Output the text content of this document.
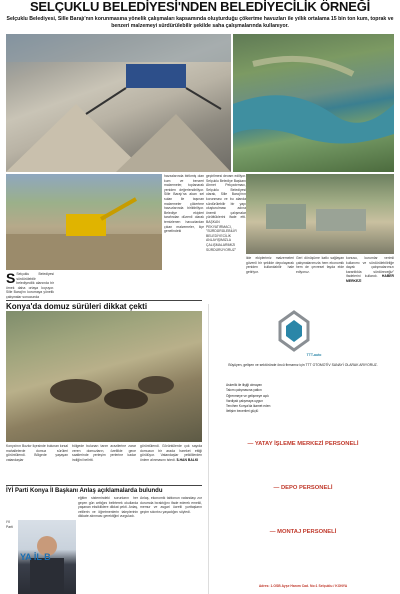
SELÇUKLU BELEDİYESİ'NDEN BELEDİYECİLİK ÖRNEĞİ
Selçuklu Belediyesi, Sille Barajı'nın korunmasına yönelik çalışmaları kapsamında oluşturduğu çökertme havuzları ile yıllık ortalama 15 bin ton kum, toprak ve benzeri malzemeyi sürdürülebilir şekilde saha çalışmalarında kullanıyor.
S Selçuklu Belediyesi sürdürülebilir belediyecilik alanında bir örnek daha ortaya koyuyor. Sille Barajı'nı korumaya yönelik çalışmalar sonucunda
havzalarında birikmiş olan kum ve benzeri malzemeler, toplanarak yeniden değerlendiriliyor. Sille Barajı'na akan sel suları ile taşınan malzemeler çökertme havuzlarında biriktiriliyor. Belediye ekipleri tarafından düzenli olarak temizlenen havuzlardan çıkan malzemeler, ilçe genelindeki
geçirilmesi devam ediliyor. Selçuklu Belediye Başkanı Ahmet Pekyatırmacı, Selçuklu Belediyesi olarak, Sille Barajı'nın korunması ve bu alanda sürdürülebilir bir yapı oluşturulması adına önemli çalışmalar yürüttüklerini ifade etti. BAŞKAN PEKYATIRMACI, "SÜRDÜRÜLEBİLİR BELEDİYECİLİK ANLAYIŞIMIZLA ÇALIŞMALARIMIZI SÜRDÜRÜYORUZ"
ilde ekiplerimiz malzemeleri güvenli bir şekilde depolayarak yeniden kullanılabilir hale getiriyor.
Geri dönüşüme katkı sağlayan çalışmalarımızla hem ekonomik hem de çevresel fayda elde ediyoruz.
konusu, kurumlar verimli kullanımı ve sürdürülebilirliğe dayalı çalışmalarımızı kararlılıkla sürdüreceğiz" ifadelerini kullandı. HABER MERKEZİ
Konya'da domuz sürüleri dikkat çekti
Konya'nın Bozkır ilçesinde bulunan kırsal mahallelerde domuz sürüleri görüntülendi. Bölgede yaşayan vatandaşlar
bölgede bulunan tarım arazilerine zarar veren domuzların, özellikle gece saatlerinde yerleşim yerlerine kadar indiğini belirtti.
görüntülendi. Görüntülerde çok sayıda domuzun bir arada hareket ettiği görülüyor. Vatandaşlar yetkililerden önlem alınmasını istedi. İLHAN BALKI
İYİ Parti Konya İl Başkanı Anlaş açıklamalarda bulundu
YA İL B
İYİ Parti
eğitim sistemindeki sorunların her geçen gün arttığını belirterek okullarda yaşanan eksikliklere dikkat çekti. Anlaş, velilerin ve öğretmenlerin taleplerinin dikkate alınması gerektiğini vurguladı.
Anlaş, ekonomik tablonun vatandaşı zor durumda bıraktığını ifade ederek emekli, memur ve asgari ücretli yurttaşların geçim sıkıntısı yaşadığını söyledi.
TTT-auto
Büyüyen, gelişen ve sektöründe öncü firmamız için TTT OTOMOTİV SANAYİ OLARAK ARIYORUZ.
Askerlik ile ilişiği olmayan
Takım çalışmasına yatkın
Öğrenmeye ve gelişmeye açık
Vardiyalı çalışmaya uygun
Tercihen Konya'da ikamet eden
İletişim becerileri güçlü
— YATAY İŞLEME MERKEZİ PERSONELİ
— DEPO PERSONELİ
— MONTAJ PERSONELİ
Adres: 1.OSB Ayşe Hanım Cad. No:1 Selçuklu / KONYA
